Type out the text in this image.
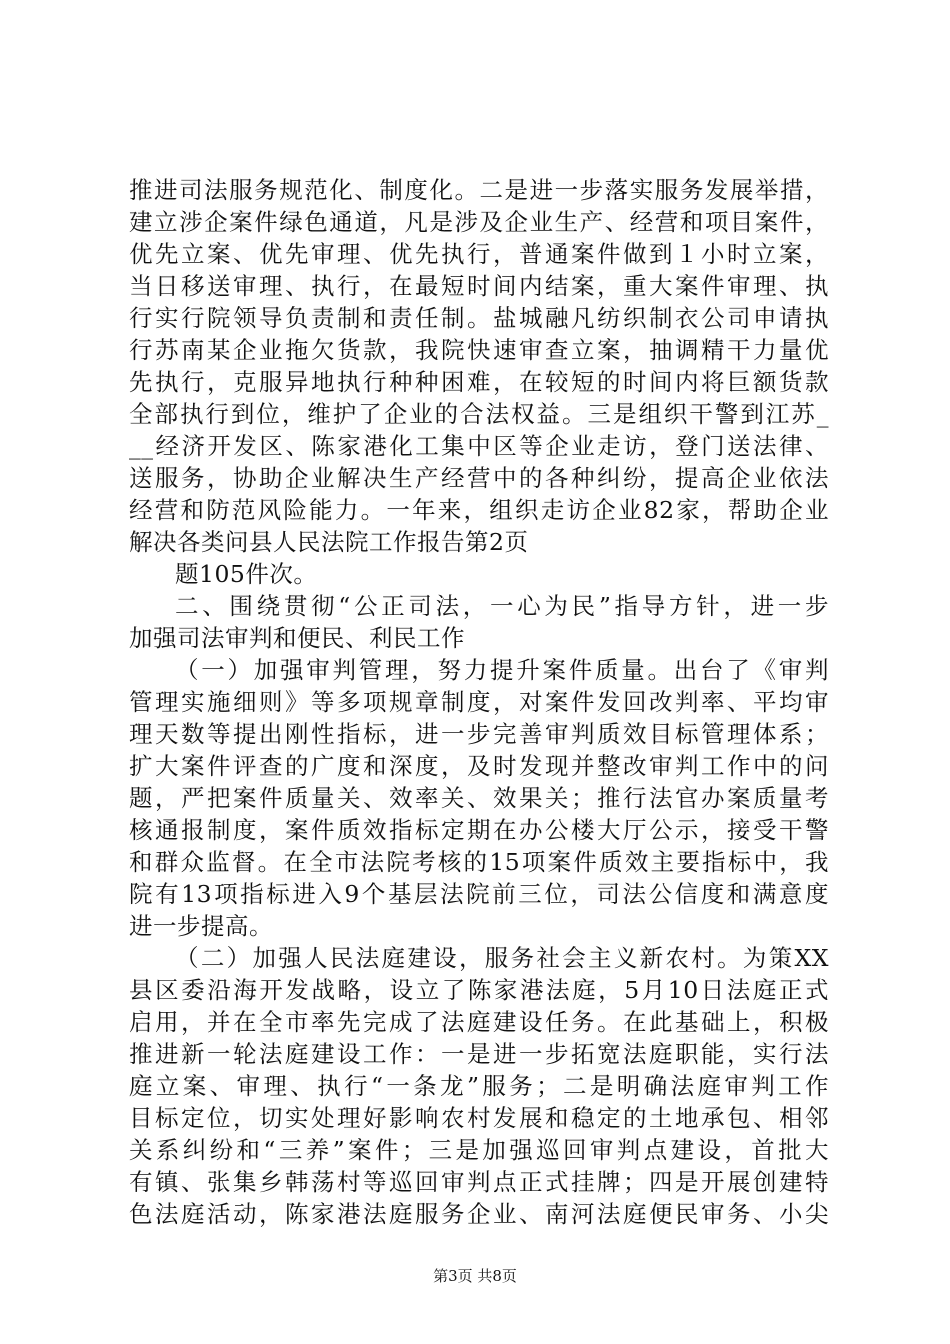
推进司法服务规范化、制度化。二是进一步落实服务发展举措，
建立涉企案件绿色通道，凡是涉及企业生产、经营和项目案件，
优先立案、优先审理、优先执行，普通案件做到１小时立案，
当日移送审理、执行，在最短时间内结案，重大案件审理、执
行实行院领导负责制和责任制。盐城融凡纺织制衣公司申请执
行苏南某企业拖欠货款，我院快速审查立案，抽调精干力量优
先执行，克服异地执行种种困难，在较短的时间内将巨额货款
全部执行到位，维护了企业的合法权益。三是组织干警到江苏_
__经济开发区、陈家港化工集中区等企业走访，登门送法律、
送服务，协助企业解决生产经营中的各种纠纷，提高企业依法
经营和防范风险能力。一年来，组织走访企业82家，帮助企业
解决各类问县人民法院工作报告第2页
题105件次。
二、围绕贯彻“公正司法，一心为民”指导方针，进一步
加强司法审判和便民、利民工作
（一）加强审判管理，努力提升案件质量。出台了《审判
管理实施细则》等多项规章制度，对案件发回改判率、平均审
理天数等提出刚性指标，进一步完善审判质效目标管理体系；
扩大案件评查的广度和深度，及时发现并整改审判工作中的问
题，严把案件质量关、效率关、效果关；推行法官办案质量考
核通报制度，案件质效指标定期在办公楼大厅公示，接受干警
和群众监督。在全市法院考核的15项案件质效主要指标中，我
院有13项指标进入9个基层法院前三位，司法公信度和满意度
进一步提高。
（二）加强人民法庭建设，服务社会主义新农村。为策XX
县区委沿海开发战略，设立了陈家港法庭，5月10日法庭正式
启用，并在全市率先完成了法庭建设任务。在此基础上，积极
推进新一轮法庭建设工作：一是进一步拓宽法庭职能，实行法
庭立案、审理、执行“一条龙”服务；二是明确法庭审判工作
目标定位，切实处理好影响农村发展和稳定的土地承包、相邻
关系纠纷和“三养”案件；三是加强巡回审判点建设，首批大
有镇、张集乡韩荡村等巡回审判点正式挂牌；四是开展创建特
色法庭活动，陈家港法庭服务企业、南河法庭便民审务、小尖
第3页 共8页
